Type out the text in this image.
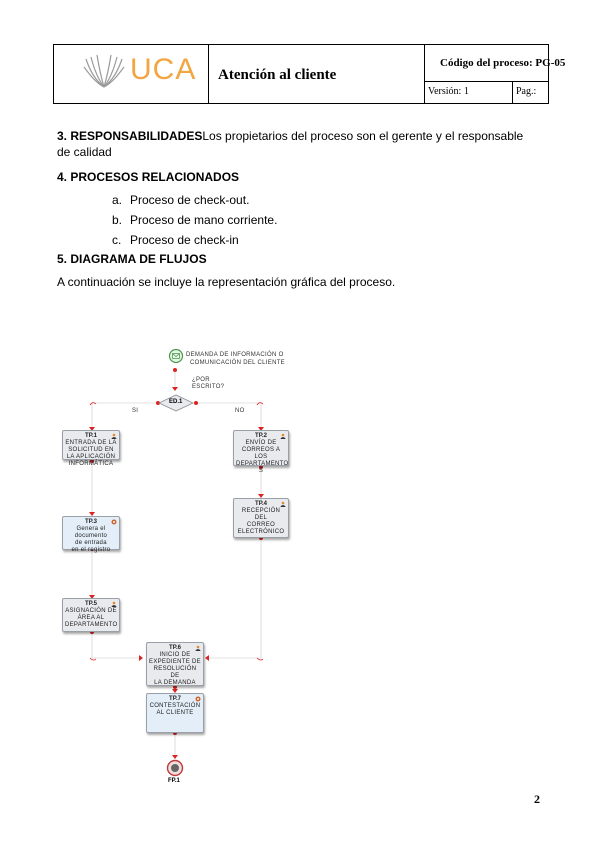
UCA Atención al cliente
Código del proceso: PG-05
Versión: 1	Pag.:
3. RESPONSABILIDADESLos propietarios del proceso son el gerente y el responsable
de calidad
4. PROCESOS RELACIONADOS
a. Proceso de check-out.
b. Proceso de mano corriente.
c. Proceso de check-in
5. DIAGRAMA DE FLUJOS
A continuación se incluye la representación gráfica del proceso.
DEMANDA DE INFORMACIÓN O
COMUNICACIÓN DEL CLIENTE
¿POR
ESCRITO?
ED.1
SI	NO
TP.1
ENTRADA DE LA
SOLICITUD EN
LA APLICACIÓN
INFORMÁTICA
TP.2
ENVÍO DE
CORREOS A LOS
DEPARTAMENTO
S
TP.4
RECEPCIÓN DEL
CORREO
ELECTRÓNICO
TP.3
Genera el
documento
de entrada
en el registro
TP.5
ASIGNACIÓN DE
ÁREA AL
DEPARTAMENTO
TP.6
INICIO DE
EXPEDIENTE DE
RESOLUCIÓN DE
LA DEMANDA
TP.7
CONTESTACIÓN
AL CLIENTE
FP.1
2
